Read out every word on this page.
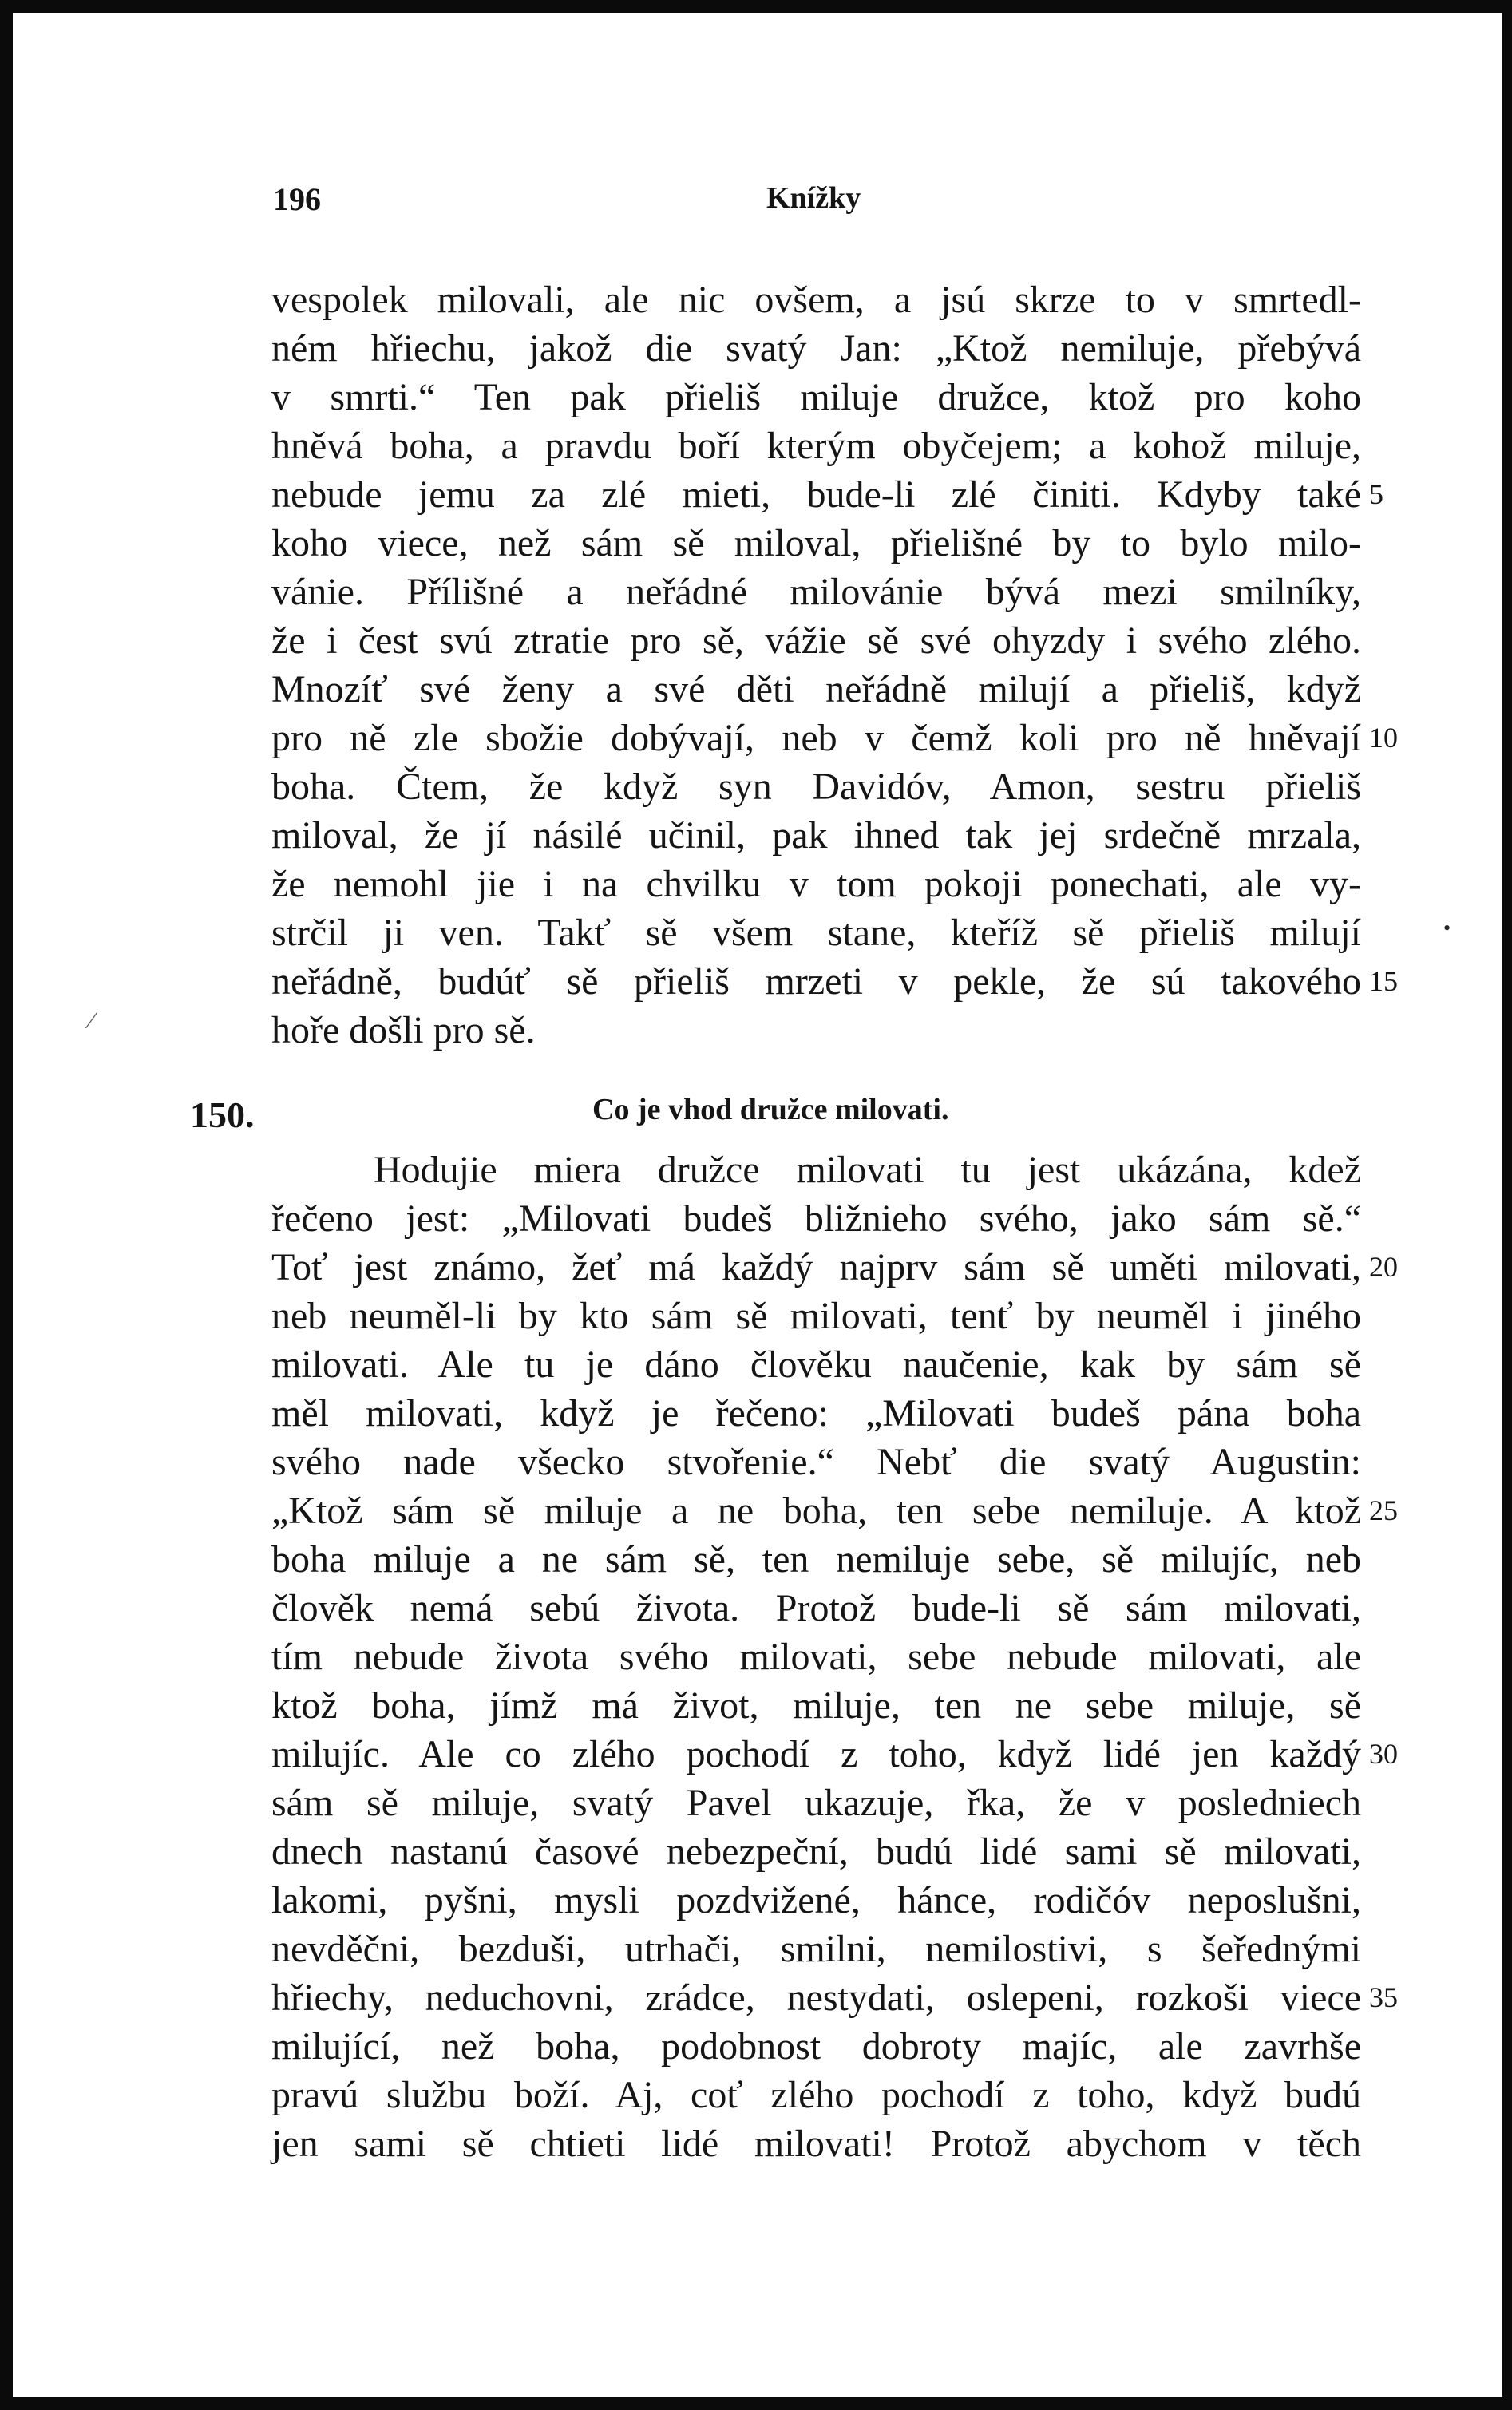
196	Knížky
vespolek milovali, ale nic ovšem, a jsú skrze to v smrtedl-
ném hřiechu, jakož die svatý Jan: „Ktož nemiluje, přebývá
v smrti.“ Ten pak přieliš miluje družce, ktož pro koho
hněvá boha, a pravdu boří kterým obyčejem; a kohož miluje,
nebude jemu za zlé mieti, bude-li zlé činiti. Kdyby také
koho viece, než sám sě miloval, přielišné by to bylo milo-
vánie. Přílišné a neřádné milovánie bývá mezi smilníky,
že i čest svú ztratie pro sě, vážie sě své ohyzdy i svého zlého.
Mnozíť své ženy a své děti neřádně milují a přieliš, když
pro ně zle sbožie dobývají, neb v čemž koli pro ně hněvají
boha. Čtem, že když syn Davidóv, Amon, sestru přieliš
miloval, že jí násilé učinil, pak ihned tak jej srdečně mrzala,
že nemohl jie i na chvilku v tom pokoji ponechati, ale vy-
strčil ji ven. Takť sě všem stane, kteříž sě přieliš milují
neřádně, budúť sě přieliš mrzeti v pekle, že sú takového
hoře došli pro sě.
150.	Co je vhod družce milovati.
Hodujie miera družce milovati tu jest ukázána, kdež
řečeno jest: „Milovati budeš bližnieho svého, jako sám sě.“
Toť jest známo, žeť má každý najprv sám sě uměti milovati,
neb neuměl-li by kto sám sě milovati, tenť by neuměl i jiného
milovati. Ale tu je dáno člověku naučenie, kak by sám sě
měl milovati, když je řečeno: „Milovati budeš pána boha
svého nade všecko stvořenie.“ Nebť die svatý Augustin:
„Ktož sám sě miluje a ne boha, ten sebe nemiluje. A ktož
boha miluje a ne sám sě, ten nemiluje sebe, sě milujíc, neb
člověk nemá sebú života. Protož bude-li sě sám milovati,
tím nebude života svého milovati, sebe nebude milovati, ale
ktož boha, jímž má život, miluje, ten ne sebe miluje, sě
milujíc. Ale co zlého pochodí z toho, když lidé jen každý
sám sě miluje, svatý Pavel ukazuje, řka, že v posledniech
dnech nastanú časové nebezpeční, budú lidé sami sě milovati,
lakomi, pyšni, mysli pozdvižené, hánce, rodičóv neposlušni,
nevděčni, bezduši, utrhači, smilni, nemilostivi, s šeřednými
hřiechy, neduchovni, zrádce, nestydati, oslepeni, rozkoši viece
milující, než boha, podobnost dobroty majíc, ale zavrhše
pravú službu boží. Aj, coť zlého pochodí z toho, když budú
jen sami sě chtieti lidé milovati! Protož abychom v těch
5
10
15
20
25
30
35
•
⁄
